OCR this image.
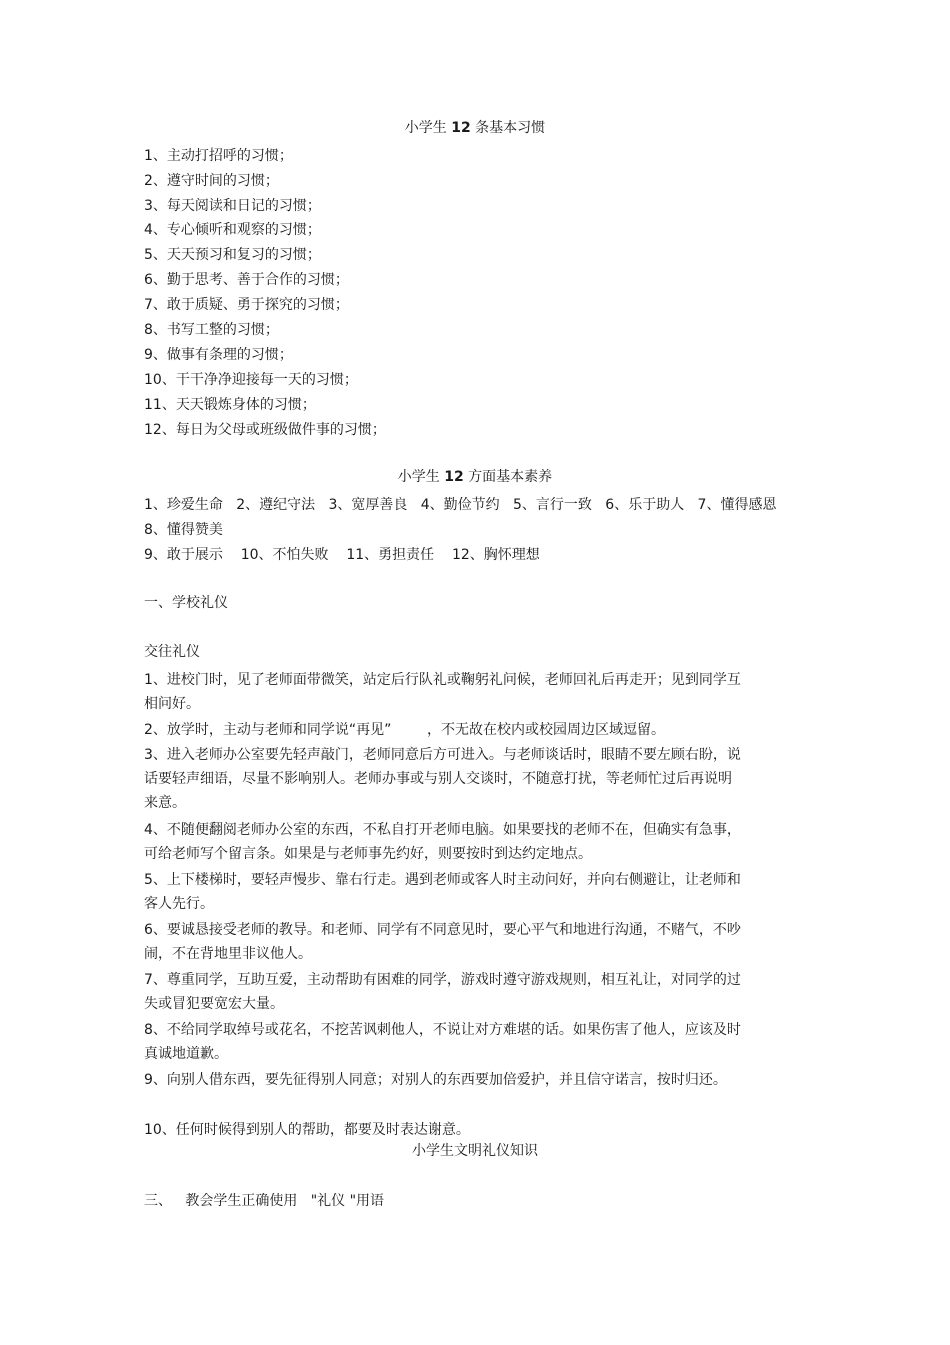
小学生 12 条基本习惯
1、主动打招呼的习惯；
2、遵守时间的习惯；
3、每天阅读和日记的习惯；
4、专心倾听和观察的习惯；
5、天天预习和复习的习惯；
6、勤于思考、善于合作的习惯；
7、敢于质疑、勇于探究的习惯；
8、书写工整的习惯；
9、做事有条理的习惯；
10、干干净净迎接每一天的习惯；
11、天天锻炼身体的习惯；
12、每日为父母或班级做件事的习惯；
小学生 12 方面基本素养
1、珍爱生命   2、遵纪守法   3、宽厚善良   4、勤俭节约   5、言行一致   6、乐于助人   7、懂得感恩
8、懂得赞美
9、敢于展示    10、不怕失败    11、勇担责任    12、胸怀理想
一、学校礼仪
交往礼仪
1、进校门时，见了老师面带微笑，站定后行队礼或鞠躬礼问候，老师回礼后再走开；见到同学互相问好。
2、放学时，主动与老师和同学说“再见”        ，不无故在校内或校园周边区域逗留。
3、进入老师办公室要先轻声敲门，老师同意后方可进入。与老师谈话时，眼睛不要左顾右盼，说话要轻声细语，尽量不影响别人。老师办事或与别人交谈时，不随意打扰，等老师忙过后再说明来意。
4、不随便翻阅老师办公室的东西，不私自打开老师电脑。如果要找的老师不在，但确实有急事，可给老师写个留言条。如果是与老师事先约好，则要按时到达约定地点。
5、上下楼梯时，要轻声慢步、靠右行走。遇到老师或客人时主动问好，并向右侧避让，让老师和客人先行。
6、要诚恳接受老师的教导。和老师、同学有不同意见时，要心平气和地进行沟通，不赌气，不吵闹，不在背地里非议他人。
7、尊重同学，互助互爱，主动帮助有困难的同学，游戏时遵守游戏规则，相互礼让，对同学的过失或冒犯要宽宏大量。
8、不给同学取绰号或花名，不挖苦讽刺他人，不说让对方难堪的话。如果伤害了他人，应该及时真诚地道歉。
9、向别人借东西，要先征得别人同意；对别人的东西要加倍爱护，并且信守诺言，按时归还。
10、任何时候得到别人的帮助，都要及时表达谢意。
小学生文明礼仪知识
三、   教会学生正确使用   "礼仪 "用语
